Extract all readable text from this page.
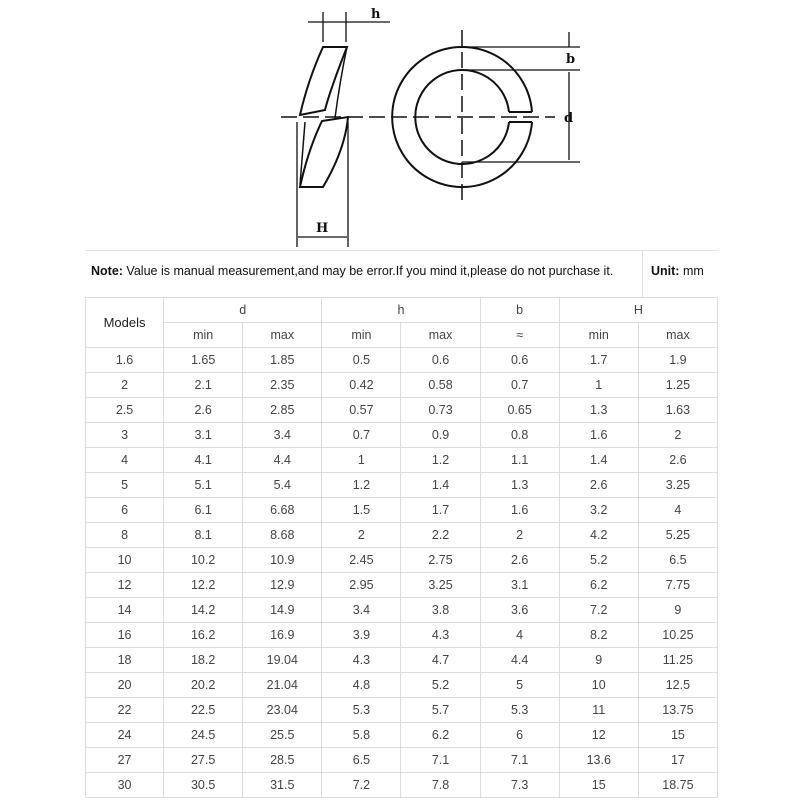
h
b
d
H
Note: Value is manual measurement,and may be error.If you mind it,please do not purchase it.	Unit: mm
Models	d		h		b	H	
	min	max	min	max	≈	min	max
1.6	1.65	1.85	0.5	0.6	0.6	1.7	1.9
2	2.1	2.35	0.42	0.58	0.7	1	1.25
2.5	2.6	2.85	0.57	0.73	0.65	1.3	1.63
3	3.1	3.4	0.7	0.9	0.8	1.6	2
4	4.1	4.4	1	1.2	1.1	1.4	2.6
5	5.1	5.4	1.2	1.4	1.3	2.6	3.25
6	6.1	6.68	1.5	1.7	1.6	3.2	4
8	8.1	8.68	2	2.2	2	4.2	5.25
10	10.2	10.9	2.45	2.75	2.6	5.2	6.5
12	12.2	12.9	2.95	3.25	3.1	6.2	7.75
14	14.2	14.9	3.4	3.8	3.6	7.2	9
16	16.2	16.9	3.9	4.3	4	8.2	10.25
18	18.2	19.04	4.3	4.7	4.4	9	11.25
20	20.2	21.04	4.8	5.2	5	10	12.5
22	22.5	23.04	5.3	5.7	5.3	11	13.75
24	24.5	25.5	5.8	6.2	6	12	15
27	27.5	28.5	6.5	7.1	7.1	13.6	17
30	30.5	31.5	7.2	7.8	7.3	15	18.75
